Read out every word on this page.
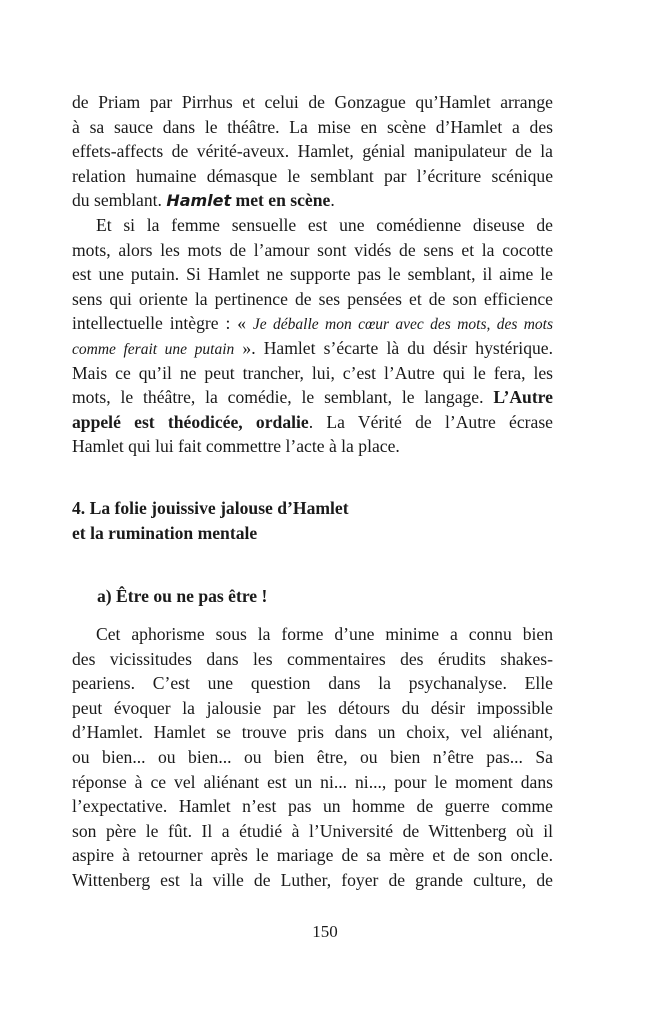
de Priam par Pirrhus et celui de Gonzague qu’Hamlet arrange
à sa sauce dans le théâtre. La mise en scène d’Hamlet a des
effets-affects de vérité-aveux. Hamlet, génial manipulateur de la
relation humaine démasque le semblant par l’écriture scénique
du semblant. Hamlet met en scène.
Et si la femme sensuelle est une comédienne diseuse de
mots, alors les mots de l’amour sont vidés de sens et la cocotte
est une putain. Si Hamlet ne supporte pas le semblant, il aime le
sens qui oriente la pertinence de ses pensées et de son efficience
intellectuelle intègre : « Je déballe mon cœur avec des mots, des mots
comme ferait une putain ». Hamlet s’écarte là du désir hystérique.
Mais ce qu’il ne peut trancher, lui, c’est l’Autre qui le fera, les
mots, le théâtre, la comédie, le semblant, le langage. L’Autre
appelé est théodicée, ordalie. La Vérité de l’Autre écrase
Hamlet qui lui fait commettre l’acte à la place.
4. La folie jouissive jalouse d’Hamlet
et la rumination mentale
a) Être ou ne pas être !
Cet aphorisme sous la forme d’une minime a connu bien
des vicissitudes dans les commentaires des érudits shakes-
peariens. C’est une question dans la psychanalyse. Elle
peut évoquer la jalousie par les détours du désir impossible
d’Hamlet. Hamlet se trouve pris dans un choix, vel aliénant,
ou bien... ou bien... ou bien être, ou bien n’être pas... Sa
réponse à ce vel aliénant est un ni... ni..., pour le moment dans
l’expectative. Hamlet n’est pas un homme de guerre comme
son père le fût. Il a étudié à l’Université de Wittenberg où il
aspire à retourner après le mariage de sa mère et de son oncle.
Wittenberg est la ville de Luther, foyer de grande culture, de
150
